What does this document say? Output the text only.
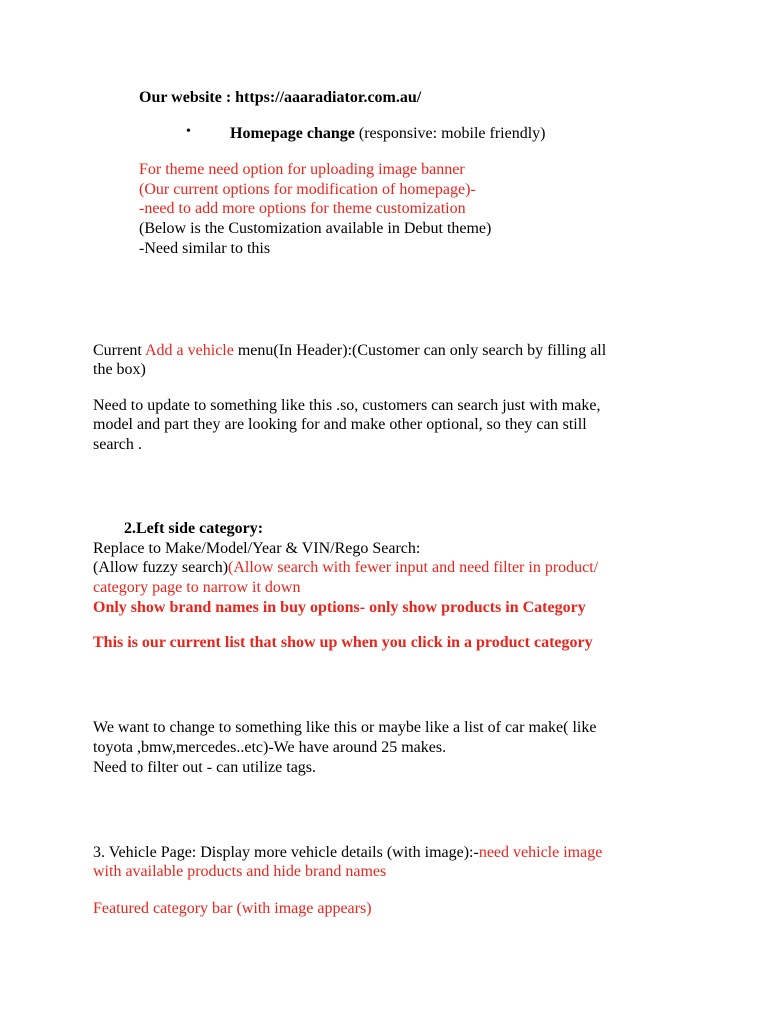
Our website : https://aaaradiator.com.au/

• Homepage change (responsive: mobile friendly)

For theme need option for uploading image banner

(Our current options for modification of homepage)-

-need to add more options for theme customization

(Below is the Customization available in Debut theme)

-Need similar to this

Current Add a vehicle menu(In Header):(Customer can only search by filling all

the box)

Need to update to something like this .so, customers can search just with make,

model and part they are looking for and make other optional, so they can still

search .

2.Left side category:

Replace to Make/Model/Year & VIN/Rego Search:

(Allow fuzzy search)(Allow search with fewer input and need filter in product/

category page to narrow it down

Only show brand names in buy options- only show products in Category

This is our current list that show up when you click in a product category

We want to change to something like this or maybe like a list of car make( like

toyota ,bmw,mercedes..etc)-We have around 25 makes.

Need to filter out - can utilize tags.

3. Vehicle Page: Display more vehicle details (with image):-need vehicle image

with available products and hide brand names

Featured category bar (with image appears)
